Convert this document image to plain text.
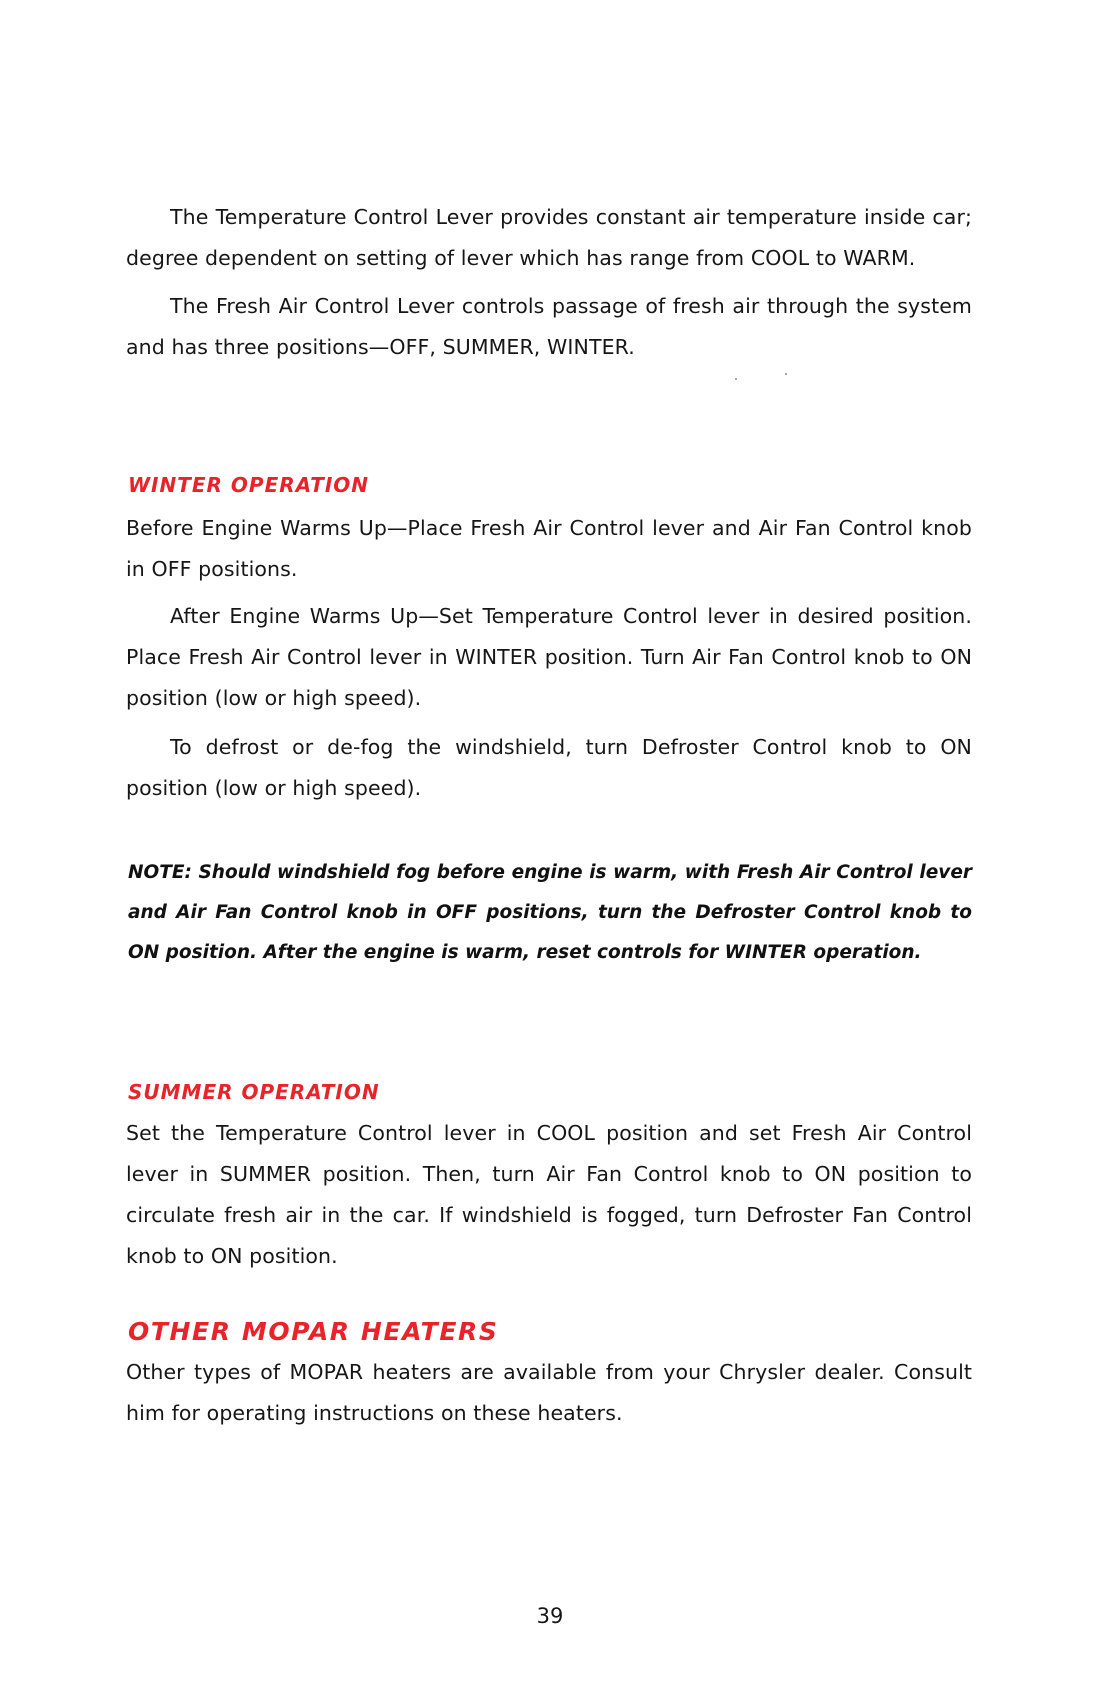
The Temperature Control Lever provides constant air temperature inside car; degree dependent on setting of lever which has range from COOL to WARM.

The Fresh Air Control Lever controls passage of fresh air through the system and has three positions—OFF, SUMMER, WINTER.

WINTER OPERATION

Before Engine Warms Up—Place Fresh Air Control lever and Air Fan Control knob in OFF positions.

After Engine Warms Up—Set Temperature Control lever in desired position. Place Fresh Air Control lever in WINTER position. Turn Air Fan Control knob to ON position (low or high speed).

To defrost or de-fog the windshield, turn Defroster Control knob to ON position (low or high speed).

NOTE: Should windshield fog before engine is warm, with Fresh Air Control lever and Air Fan Control knob in OFF positions, turn the Defroster Control knob to ON position. After the engine is warm, reset controls for WINTER operation.

SUMMER OPERATION

Set the Temperature Control lever in COOL position and set Fresh Air Control lever in SUMMER position. Then, turn Air Fan Control knob to ON position to circulate fresh air in the car. If windshield is fogged, turn Defroster Fan Control knob to ON position.

OTHER MOPAR HEATERS

Other types of MOPAR heaters are available from your Chrysler dealer. Consult him for operating instructions on these heaters.

39
